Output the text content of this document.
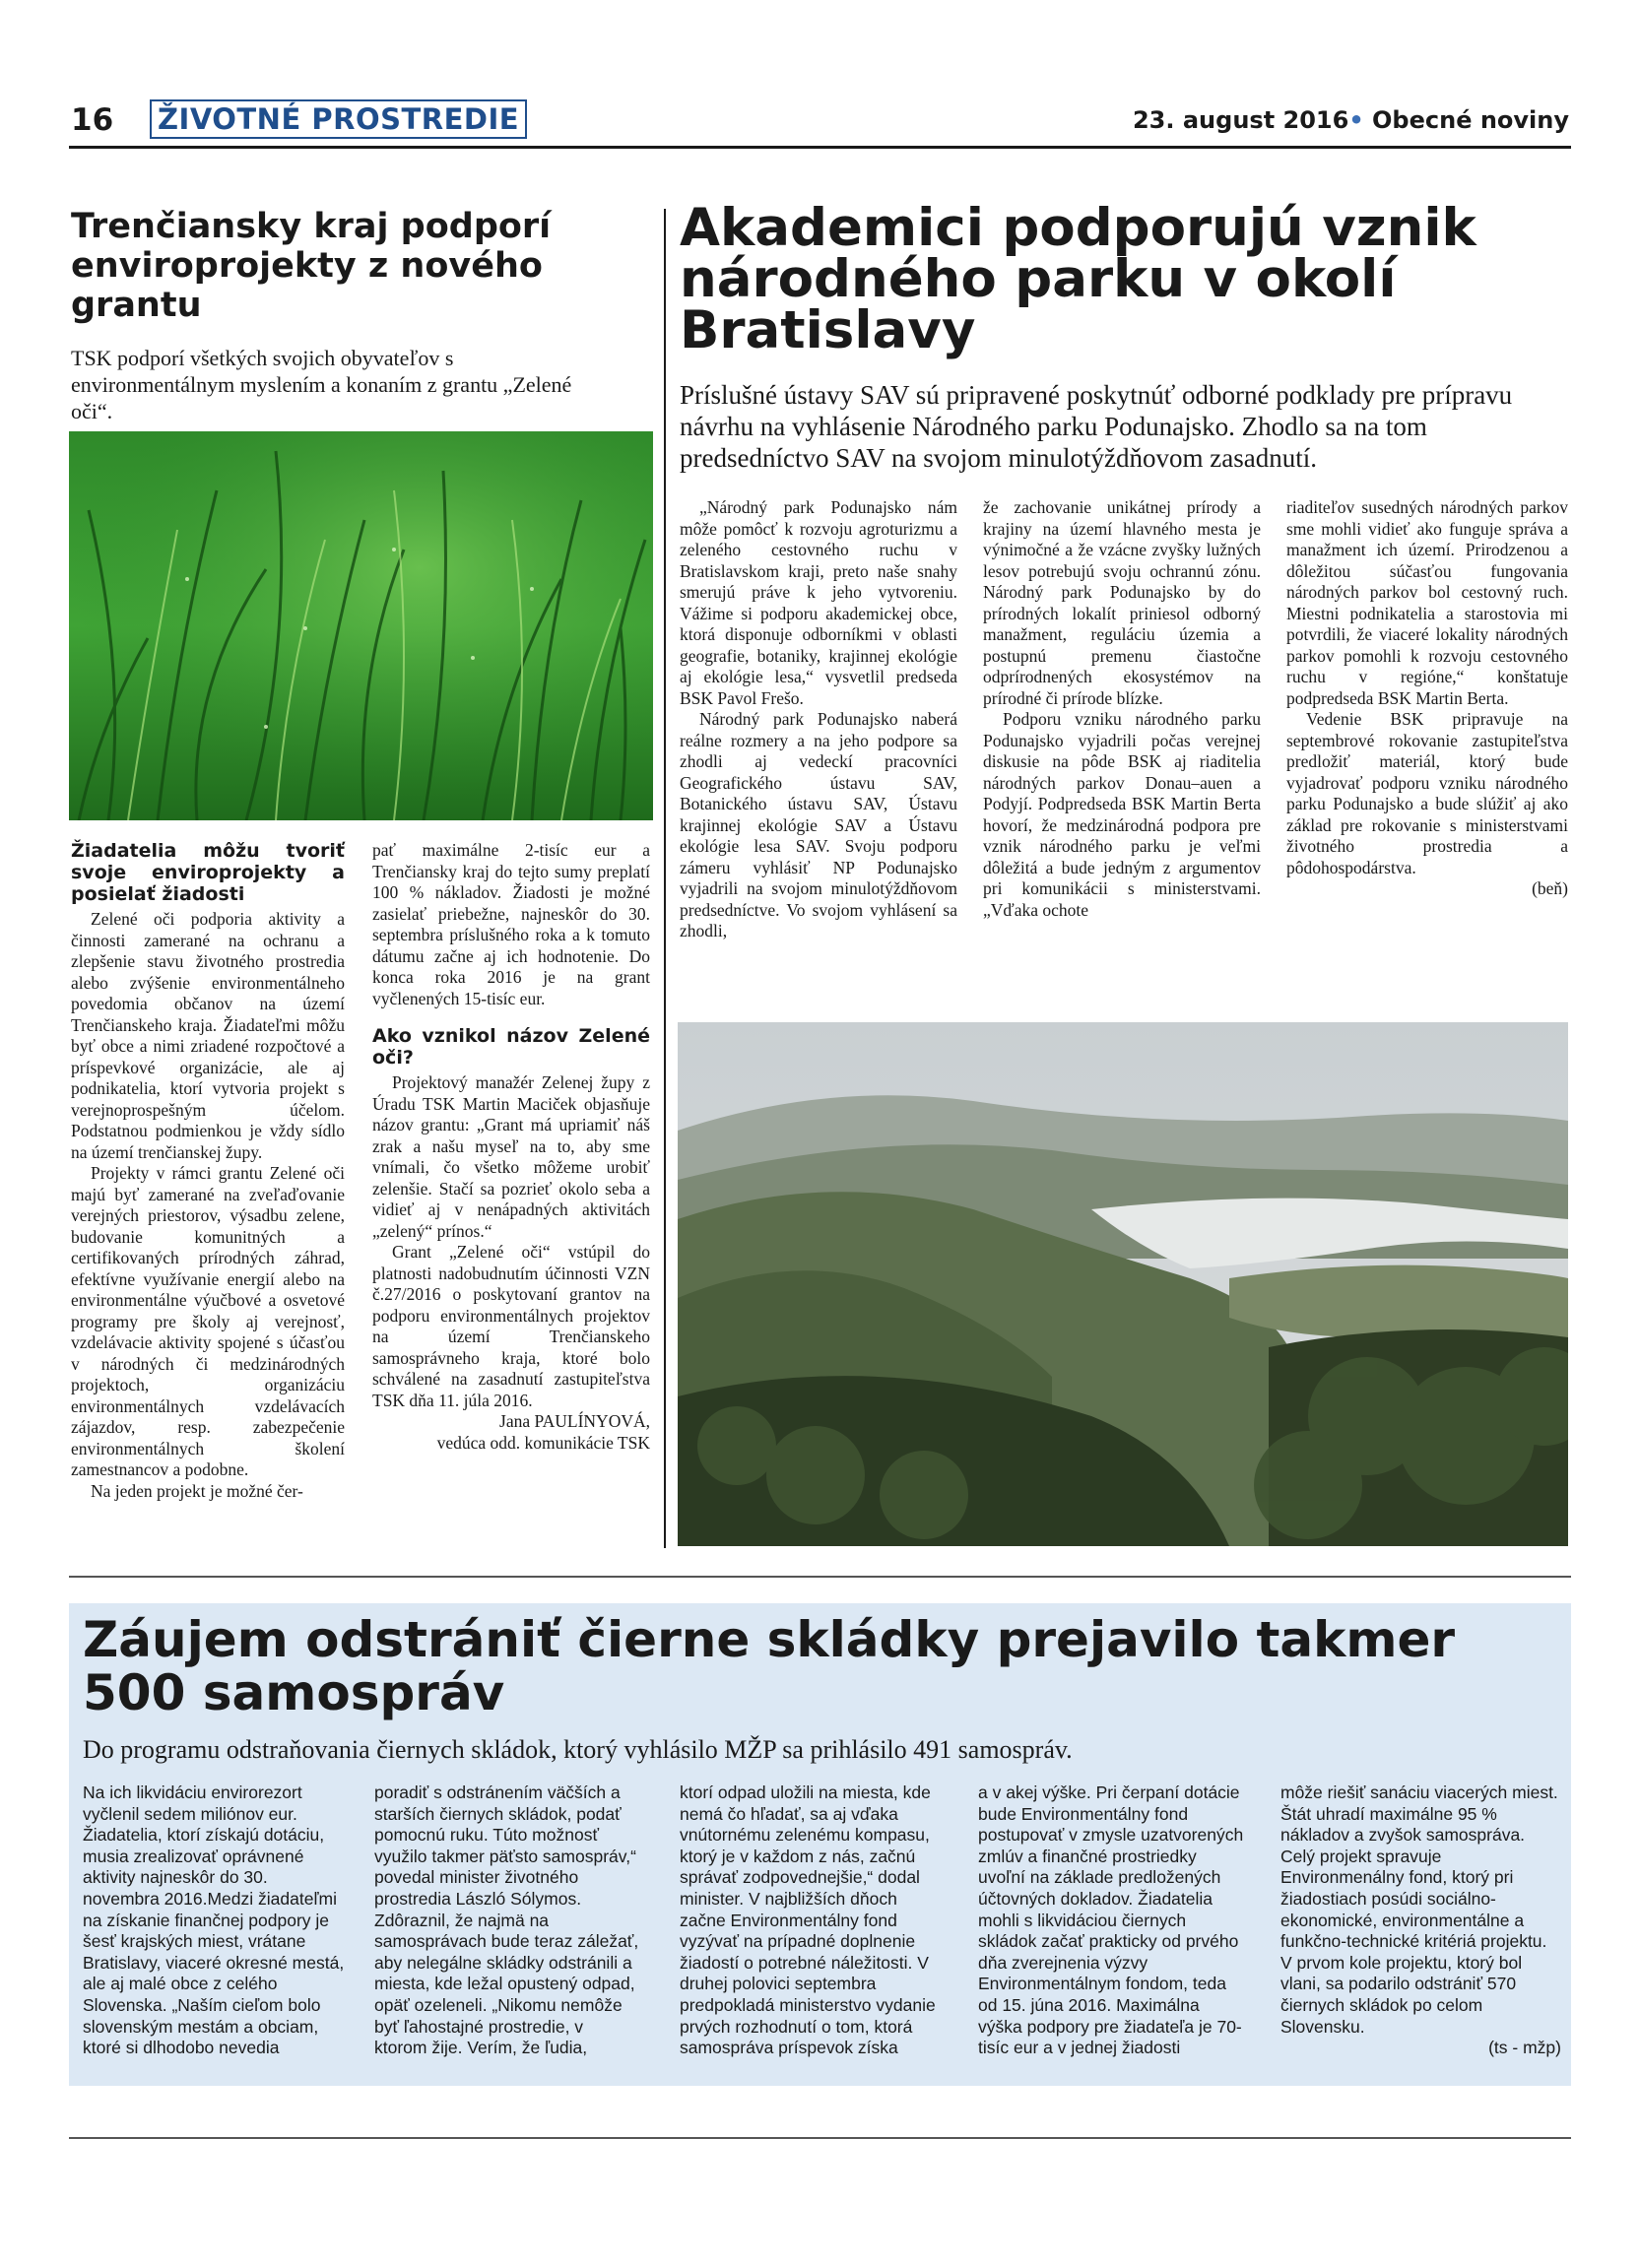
16 ŽIVOTNÉ PROSTREDIE	23. august 2016• Obecné noviny
Trenčiansky kraj podporí enviroprojekty z nového grantu
TSK podporí všetkých svojich obyvateľov s environmentálnym myslením a konaním z grantu „Zelené oči“.
Žiadatelia môžu tvoriť svoje enviroprojekty a posielať žiadosti

Zelené oči podporia aktivity a činnosti zamerané na ochranu a zlepšenie stavu životného prostredia alebo zvýšenie environmentálneho povedomia občanov na území Trenčianskeho kraja. Žiadateľmi môžu byť obce a nimi zriadené rozpočtové a príspevkové organizácie, ale aj podnikatelia, ktorí vytvoria projekt s verejnoprospešným účelom. Podstatnou podmienkou je vždy sídlo na území trenčianskej župy.

Projekty v rámci grantu Zelené oči majú byť zamerané na zveľaďovanie verejných priestorov, výsadbu zelene, budovanie komunitných a certifikovaných prírodných záhrad, efektívne využívanie energií alebo na environmentálne výučbové a osvetové programy pre školy aj verejnosť, vzdelávacie aktivity spojené s účasťou v národných či medzinárodných projektoch, organizáciu environmentálnych vzdelávacích zájazdov, resp. zabezpečenie environmentálnych školení zamestnancov a podobne.

Na jeden projekt je možné čer-

pať maximálne 2-tisíc eur a Trenčiansky kraj do tejto sumy preplatí 100 % nákladov. Žiadosti je možné zasielať priebežne, najneskôr do 30. septembra príslušného roka a k tomuto dátumu začne aj ich hodnotenie. Do konca roka 2016 je na grant vyčlenených 15-tisíc eur.

Ako vznikol názov Zelené oči?

Projektový manažér Zelenej župy z Úradu TSK Martin Maciček objasňuje názov grantu: „Grant má upriamiť náš zrak a našu myseľ na to, aby sme vnímali, čo všetko môžeme urobiť zelenšie. Stačí sa pozrieť okolo seba a vidieť aj v nenápadných aktivitách „zelený“ prínos.“

Grant „Zelené oči“ vstúpil do platnosti nadobudnutím účinnosti VZN č.27/2016 o poskytovaní grantov na podporu environmentálnych projektov na území Trenčianskeho samosprávneho kraja, ktoré bolo schválené na zasadnutí zastupiteľstva TSK dňa 11. júla 2016.

Jana PAULÍNYOVÁ,
vedúca odd. komunikácie TSK
Akademici podporujú vznik národného parku v okolí Bratislavy
Príslušné ústavy SAV sú pripravené poskytnúť odborné podklady pre prípravu návrhu na vyhlásenie Národného parku Podunajsko. Zhodlo sa na tom predsedníctvo SAV na svojom minulotýždňovom zasadnutí.

„Národný park Podunajsko nám môže pomôcť k rozvoju agroturizmu a zeleného cestovného ruchu v Bratislavskom kraji, preto naše snahy smerujú práve k jeho vytvoreniu. Vážime si podporu akademickej obce, ktorá disponuje odborníkmi v oblasti geografie, botaniky, krajinnej ekológie aj ekológie lesa,“ vysvetlil predseda BSK Pavol Frešo.

Národný park Podunajsko naberá reálne rozmery a na jeho podpore sa zhodli aj vedeckí pracovníci Geografického ústavu SAV, Botanického ústavu SAV, Ústavu krajinnej ekológie SAV a Ústavu ekológie lesa SAV. Svoju podporu zámeru vyhlásiť NP Podunajsko vyjadrili na svojom minulotýždňovom predsedníctve. Vo svojom vyhlásení sa zhodli,

že zachovanie unikátnej prírody a krajiny na území hlavného mesta je výnimočné a že vzácne zvyšky lužných lesov potrebujú svoju ochrannú zónu. Národný park Podunajsko by do prírodných lokalít priniesol odborný manažment, reguláciu územia a postupnú premenu čiastočne odprírodnených ekosystémov na prírodné či prírode blízke.

Podporu vzniku národného parku Podunajsko vyjadrili počas verejnej diskusie na pôde BSK aj riaditelia národných parkov Donau–auen a Podyjí. Podpredseda BSK Martin Berta hovorí, že medzinárodná podpora pre vznik národného parku je veľmi dôležitá a bude jedným z argumentov pri komunikácii s ministerstvami. „Vďaka ochote

riaditeľov susedných národných parkov sme mohli vidieť ako funguje správa a manažment ich území. Prirodzenou a dôležitou súčasťou fungovania národných parkov bol cestovný ruch. Miestni podnikatelia a starostovia mi potvrdili, že viaceré lokality národných parkov pomohli k rozvoju cestovného ruchu v regióne,“ konštatuje podpredseda BSK Martin Berta.

Vedenie BSK pripravuje na septembrové rokovanie zastupiteľstva predložiť materiál, ktorý bude vyjadrovať podporu vzniku národného parku Podunajsko a bude slúžiť aj ako základ pre rokovanie s ministerstvami životného prostredia a pôdohospodárstva.

(beň)
Záujem odstrániť čierne skládky prejavilo takmer 500 samospráv
Do programu odstraňovania čiernych skládok, ktorý vyhlásilo MŽP sa prihlásilo 491 samospráv.

Na ich likvidáciu envirorezort vyčlenil sedem miliónov eur. Žiadatelia, ktorí získajú dotáciu, musia zrealizovať oprávnené aktivity najneskôr do 30. novembra 2016.Medzi žiadateľmi na získanie finančnej podpory je šesť krajských miest, vrátane Bratislavy, viaceré okresné mestá, ale aj malé obce z celého Slovenska. „Naším cieľom bolo slovenským mestám a obciam, ktoré si dlhodobo nevedia

poradiť s odstránením väčších a starších čiernych skládok, podať pomocnú ruku. Túto možnosť využilo takmer päťsto samospráv,“ povedal minister životného prostredia László Sólymos. Zdôraznil, že najmä na samosprávach bude teraz záležať, aby nelegálne skládky odstránili a miesta, kde ležal opustený odpad, opäť ozeleneli. „Nikomu nemôže byť ľahostajné prostredie, v ktorom žije. Verím, že ľudia,

ktorí odpad uložili na miesta, kde nemá čo hľadať, sa aj vďaka vnútornému zelenému kompasu, ktorý je v každom z nás, začnú správať zodpovednejšie,“ dodal minister. V najbližších dňoch začne Environmentálny fond vyzývať na prípadné doplnenie žiadostí o potrebné náležitosti. V druhej polovici septembra predpokladá ministerstvo vydanie prvých rozhodnutí o tom, ktorá samospráva príspevok získa

a v akej výške. Pri čerpaní dotácie bude Environmentálny fond postupovať v zmysle uzatvorených zmlúv a finančné prostriedky uvoľní na základe predložených účtovných dokladov. Žiadatelia mohli s likvidáciou čiernych skládok začať prakticky od prvého dňa zverejnenia výzvy Environmentálnym fondom, teda od 15. júna 2016. Maximálna výška podpory pre žiadateľa je 70-tisíc eur a v jednej žiadosti

môže riešiť sanáciu viacerých miest. Štát uhradí maximálne 95 % nákladov a zvyšok samospráva. Celý projekt spravuje Environmenálny fond, ktorý pri žiadostiach posúdi sociálno-ekonomické, environmentálne a funkčno-technické kritériá projektu. V prvom kole projektu, ktorý bol vlani, sa podarilo odstrániť 570 čiernych skládok po celom Slovensku.

(ts - mžp)
